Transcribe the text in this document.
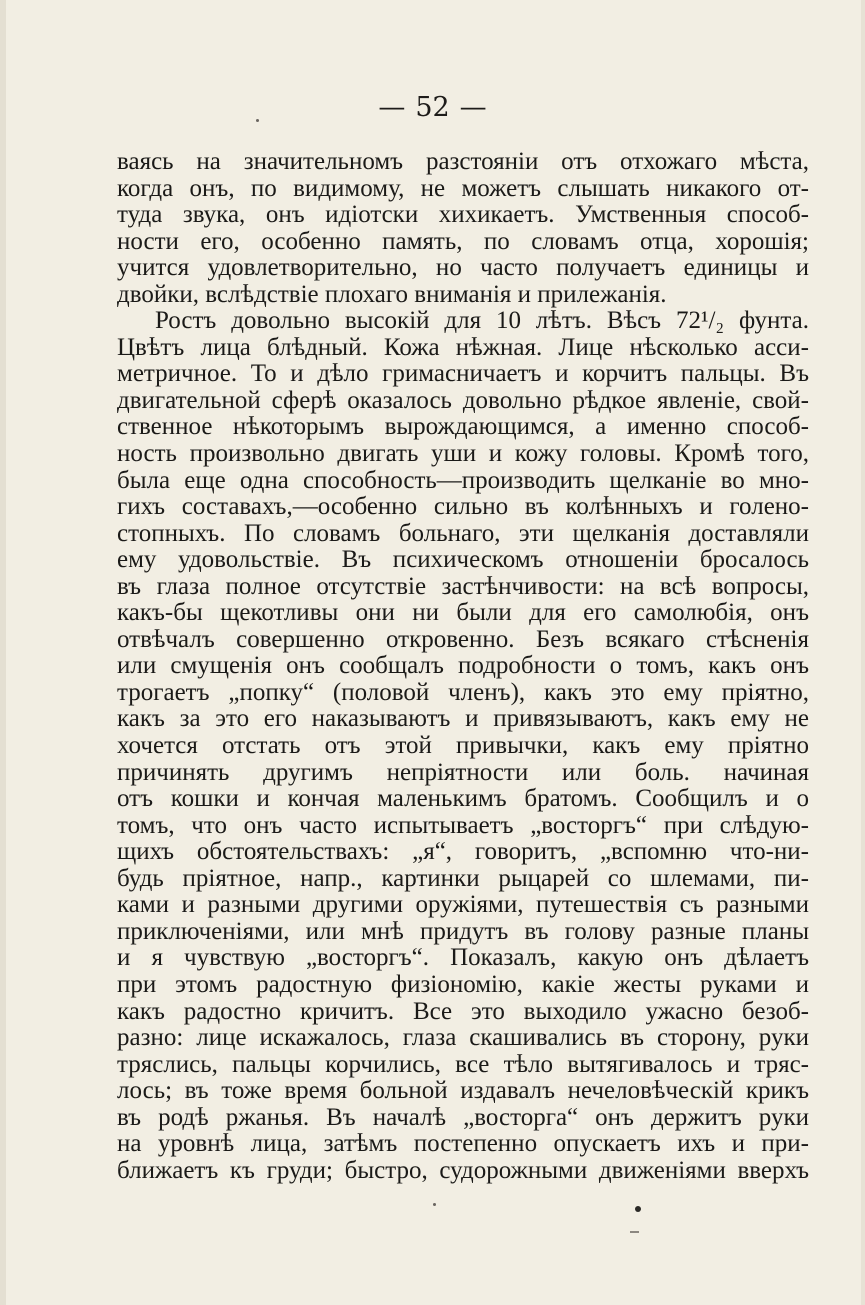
— 52 —
ваясь на значительномъ разстояніи отъ отхожаго мѣста,
когда онъ, по видимому, не можетъ слышать никакого от-
туда звука, онъ идіотски хихикаетъ. Умственныя способ-
ности его, особенно память, по словамъ отца, хорошія;
учится удовлетворительно, но часто получаетъ единицы и
двойки, вслѣдствіе плохаго вниманія и прилежанія.
Ростъ довольно высокій для 10 лѣтъ. Вѣсъ 72¹/₂ фунта.
Цвѣтъ лица блѣдный. Кожа нѣжная. Лице нѣсколько асси-
метричное. То и дѣло гримасничаетъ и корчитъ пальцы. Въ
двигательной сферѣ оказалось довольно рѣдкое явленіе, свой-
ственное нѣкоторымъ вырождающимся, а именно способ-
ность произвольно двигать уши и кожу головы. Кромѣ того,
была еще одна способность—производить щелканіе во мно-
гихъ составахъ,—особенно сильно въ колѣнныхъ и голено-
стопныхъ. По словамъ больнаго, эти щелканія доставляли
ему удовольствіе. Въ психическомъ отношеніи бросалось
въ глаза полное отсутствіе застѣнчивости: на всѣ вопросы,
какъ-бы щекотливы они ни были для его самолюбія, онъ
отвѣчалъ совершенно откровенно. Безъ всякаго стѣсненія
или смущенія онъ сообщалъ подробности о томъ, какъ онъ
трогаетъ „попку“ (половой членъ), какъ это ему пріятно,
какъ за это его наказываютъ и привязываютъ, какъ ему не
хочется отстать отъ этой привычки, какъ ему пріятно
причинять другимъ непріятности или боль. начиная
отъ кошки и кончая маленькимъ братомъ. Сообщилъ и о
томъ, что онъ часто испытываетъ „восторгъ“ при слѣдую-
щихъ обстоятельствахъ: „я“, говоритъ, „вспомню что-ни-
будь пріятное, напр., картинки рыцарей со шлемами, пи-
ками и разными другими оружіями, путешествія съ разными
приключеніями, или мнѣ придутъ въ голову разные планы
и я чувствую „восторгъ“. Показалъ, какую онъ дѣлаетъ
при этомъ радостную физіономію, какіе жесты руками и
какъ радостно кричитъ. Все это выходило ужасно безоб-
разно: лице искажалось, глаза скашивались въ сторону, руки
тряслись, пальцы корчились, все тѣло вытягивалось и тряс-
лось; въ тоже время больной издавалъ нечеловѣческій крикъ
въ родѣ ржанья. Въ началѣ „восторга“ онъ держитъ руки
на уровнѣ лица, затѣмъ постепенно опускаетъ ихъ и при-
ближаетъ къ груди; быстро, судорожными движеніями вверхъ
